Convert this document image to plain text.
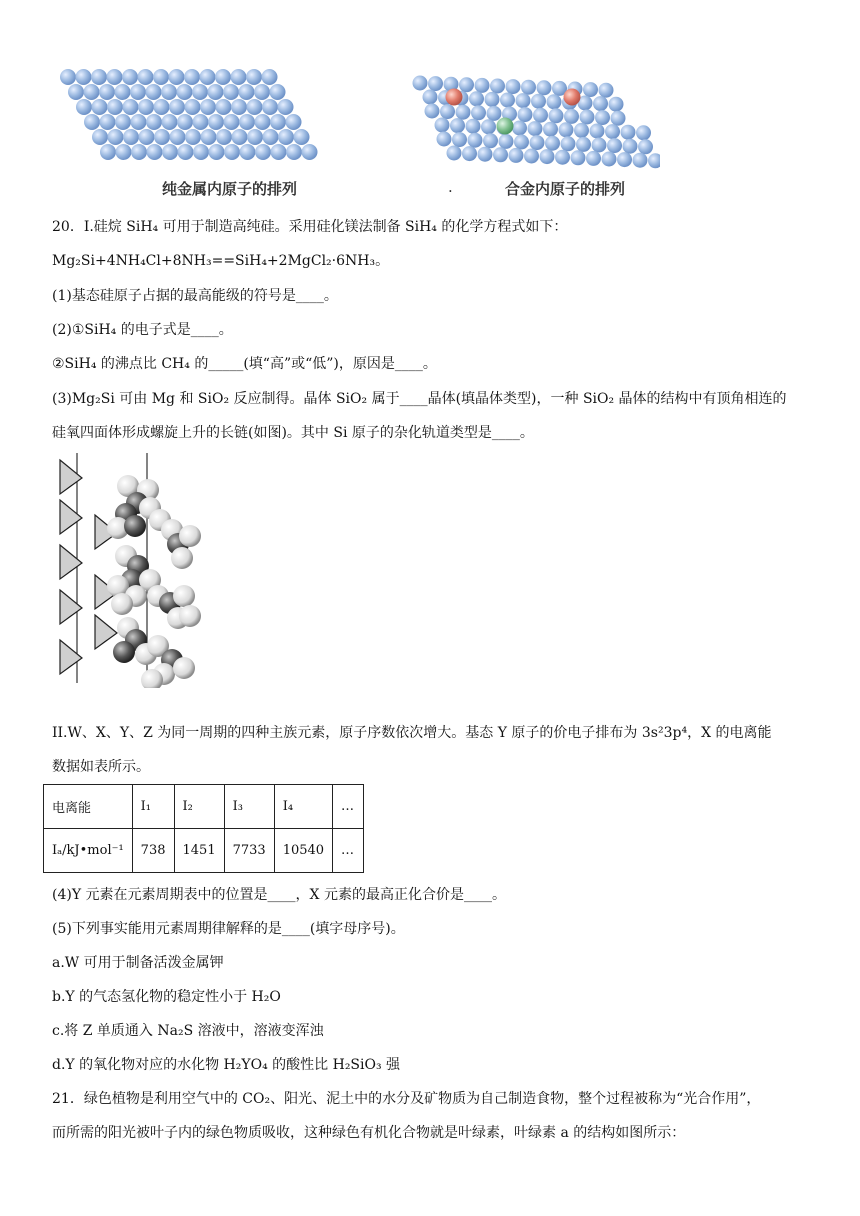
纯金属内原子的排列	.	合金内原子的排列
20．I.硅烷 SiH₄ 可用于制造高纯硅。采用硅化镁法制备 SiH₄ 的化学方程式如下：
Mg₂Si+4NH₄Cl+8NH₃==SiH₄+2MgCl₂·6NH₃。
(1)基态硅原子占据的最高能级的符号是____。
(2)①SiH₄ 的电子式是____。
②SiH₄ 的沸点比 CH₄ 的_____(填“高”或“低”)，原因是____。
(3)Mg₂Si 可由 Mg 和 SiO₂ 反应制得。晶体 SiO₂ 属于____晶体(填晶体类型)，一种 SiO₂ 晶体的结构中有顶角相连的
硅氧四面体形成螺旋上升的长链(如图)。其中 Si 原子的杂化轨道类型是____。
II.W、X、Y、Z 为同一周期的四种主族元素，原子序数依次增大。基态 Y 原子的价电子排布为 3s²3p⁴，X 的电离能
数据如表所示。
电离能	I₁	I₂	I₃	I₄	…
Iₐ/kJ•mol⁻¹	738	1451	7733	10540	…
(4)Y 元素在元素周期表中的位置是____，X 元素的最高正化合价是____。
(5)下列事实能用元素周期律解释的是____(填字母序号)。
a.W 可用于制备活泼金属钾
b.Y 的气态氢化物的稳定性小于 H₂O
c.将 Z 单质通入 Na₂S 溶液中，溶液变浑浊
d.Y 的氧化物对应的水化物 H₂YO₄ 的酸性比 H₂SiO₃ 强
21．绿色植物是利用空气中的 CO₂、阳光、泥土中的水分及矿物质为自己制造食物，整个过程被称为“光合作用”，
而所需的阳光被叶子内的绿色物质吸收，这种绿色有机化合物就是叶绿素，叶绿素 a 的结构如图所示：
